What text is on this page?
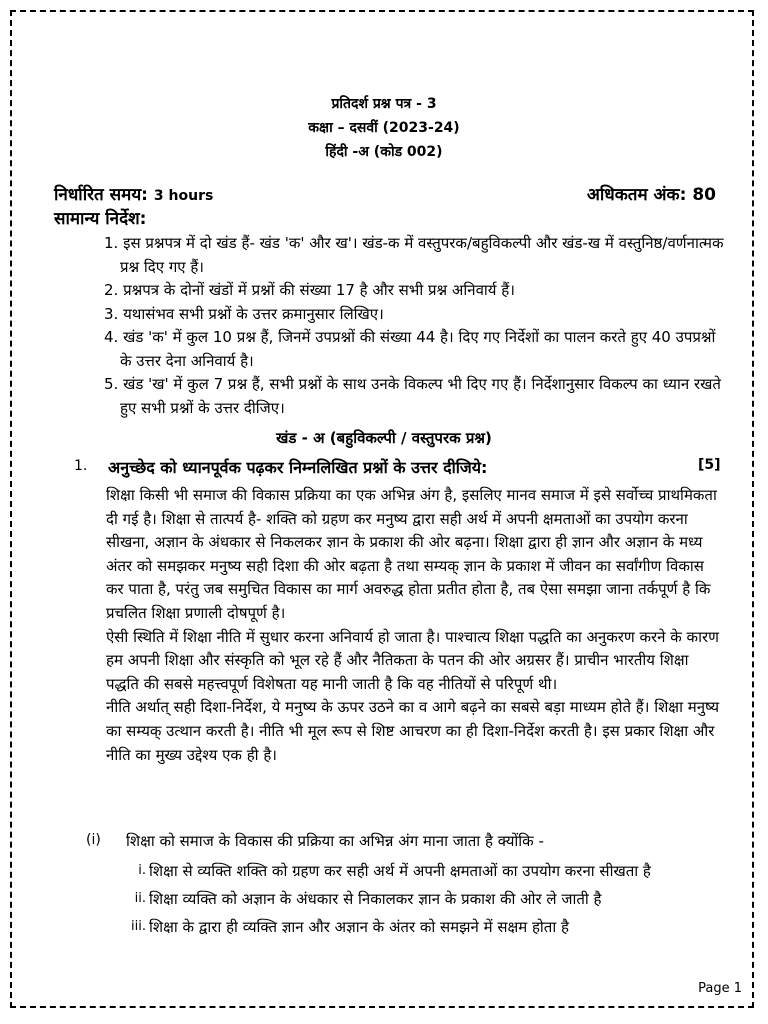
प्रतिदर्श प्रश्न पत्र - 3
कक्षा – दसवीं (2023-24)
हिंदी -अ (कोड 002)
निर्धारित समय: 3 hours	अधिकतम अंक: 80
सामान्य निर्देश:
1. इस प्रश्नपत्र में दो खंड हैं- खंड 'क' और ख'। खंड-क में वस्तुपरक/बहुविकल्पी और खंड-ख में वस्तुनिष्ठ/वर्णनात्मक प्रश्न दिए गए हैं।
2. प्रश्नपत्र के दोनों खंडों में प्रश्नों की संख्या 17 है और सभी प्रश्न अनिवार्य हैं।
3. यथासंभव सभी प्रश्नों के उत्तर क्रमानुसार लिखिए।
4. खंड 'क' में कुल 10 प्रश्न हैं, जिनमें उपप्रश्नों की संख्या 44 है। दिए गए निर्देशों का पालन करते हुए 40 उपप्रश्नों के उत्तर देना अनिवार्य है।
5. खंड 'ख' में कुल 7 प्रश्न हैं, सभी प्रश्नों के साथ उनके विकल्प भी दिए गए हैं। निर्देशानुसार विकल्प का ध्यान रखते हुए सभी प्रश्नों के उत्तर दीजिए।
खंड - अ (बहुविकल्पी / वस्तुपरक प्रश्न)
1. अनुच्छेद को ध्यानपूर्वक पढ़कर निम्नलिखित प्रश्नों के उत्तर दीजिये:	[5]

शिक्षा किसी भी समाज की विकास प्रक्रिया का एक अभिन्न अंग है, इसलिए मानव समाज में इसे सर्वोच्च प्राथमिकता दी गई है। शिक्षा से तात्पर्य है- शक्ति को ग्रहण कर मनुष्य द्वारा सही अर्थ में अपनी क्षमताओं का उपयोग करना सीखना, अज्ञान के अंधकार से निकलकर ज्ञान के प्रकाश की ओर बढ़ना। शिक्षा द्वारा ही ज्ञान और अज्ञान के मध्य अंतर को समझकर मनुष्य सही दिशा की ओर बढ़ता है तथा सम्यक् ज्ञान के प्रकाश में जीवन का सर्वांगीण विकास कर पाता है, परंतु जब समुचित विकास का मार्ग अवरुद्ध होता प्रतीत होता है, तब ऐसा समझा जाना तर्कपूर्ण है कि प्रचलित शिक्षा प्रणाली दोषपूर्ण है।

ऐसी स्थिति में शिक्षा नीति में सुधार करना अनिवार्य हो जाता है। पाश्चात्य शिक्षा पद्धति का अनुकरण करने के कारण हम अपनी शिक्षा और संस्कृति को भूल रहे हैं और नैतिकता के पतन की ओर अग्रसर हैं। प्राचीन भारतीय शिक्षा पद्धति की सबसे महत्त्वपूर्ण विशेषता यह मानी जाती है कि वह नीतियों से परिपूर्ण थी।

नीति अर्थात् सही दिशा-निर्देश, ये मनुष्य के ऊपर उठने का व आगे बढ़ने का सबसे बड़ा माध्यम होते हैं। शिक्षा मनुष्य का सम्यक् उत्थान करती है। नीति भी मूल रूप से शिष्ट आचरण का ही दिशा-निर्देश करती है। इस प्रकार शिक्षा और नीति का मुख्य उद्देश्य एक ही है।

(i) शिक्षा को समाज के विकास की प्रक्रिया का अभिन्न अंग माना जाता है क्योंकि -
i. शिक्षा से व्यक्ति शक्ति को ग्रहण कर सही अर्थ में अपनी क्षमताओं का उपयोग करना सीखता है
ii. शिक्षा व्यक्ति को अज्ञान के अंधकार से निकालकर ज्ञान के प्रकाश की ओर ले जाती है
iii. शिक्षा के द्वारा ही व्यक्ति ज्ञान और अज्ञान के अंतर को समझने में सक्षम होता है
Page 1
